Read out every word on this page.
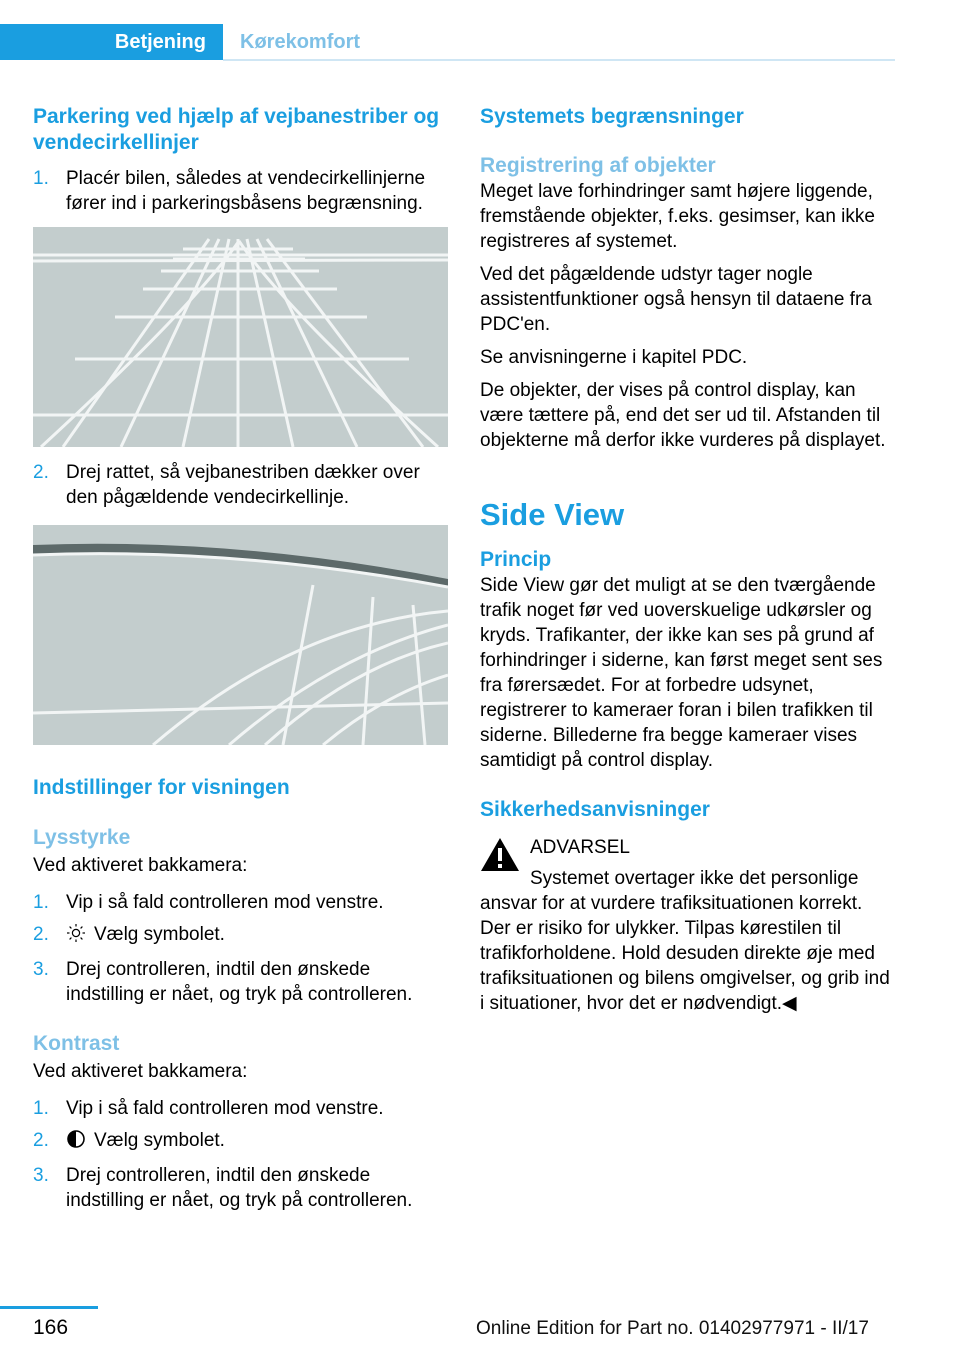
Betjening	Kørekomfort
Parkering ved hjælp af vejbanestriber og vendecirkellinjer
1. Placér bilen, således at vendecirkellinjerne fører ind i parkeringsbåsens begrænsning.
2. Drej rattet, så vejbanestriben dækker over den pågældende vendecirkellinje.
Indstillinger for visningen
Lysstyrke

Ved aktiveret bakkamera:

1. Vip i så fald controlleren mod venstre.
2. Vælg symbolet.
3. Drej controlleren, indtil den ønskede indstilling er nået, og tryk på controlleren.
Kontrast

Ved aktiveret bakkamera:

1. Vip i så fald controlleren mod venstre.
2. Vælg symbolet.
3. Drej controlleren, indtil den ønskede indstilling er nået, og tryk på controlleren.
Systemets begrænsninger
Registrering af objekter

Meget lave forhindringer samt højere liggende, fremstående objekter, f.eks. gesimser, kan ikke registreres af systemet.

Ved det pågældende udstyr tager nogle assistentfunktioner også hensyn til dataene fra PDC'en.

Se anvisningerne i kapitel PDC.

De objekter, der vises på control display, kan være tættere på, end det ser ud til. Afstanden til objekterne må derfor ikke vurderes på displayet.

Side View
Princip

Side View gør det muligt at se den tværgående trafik noget før ved uoverskuelige udkørsler og kryds. Trafikanter, der ikke kan ses på grund af forhindringer i siderne, kan først meget sent ses fra førersædet. For at forbedre udsynet, registrerer to kameraer foran i bilen trafikken til siderne. Billederne fra begge kameraer vises samtidigt på control display.

Sikkerhedsanvisninger

ADVARSEL

Systemet overtager ikke det personlige ansvar for at vurdere trafiksituationen korrekt. Der er risiko for ulykker. Tilpas kørestilen til trafikforholdene. Hold desuden direkte øje med trafiksituationen og bilens omgivelser, og grib ind i situationer, hvor det er nødvendigt.◀

166	Online Edition for Part no. 01402977971 - II/17
